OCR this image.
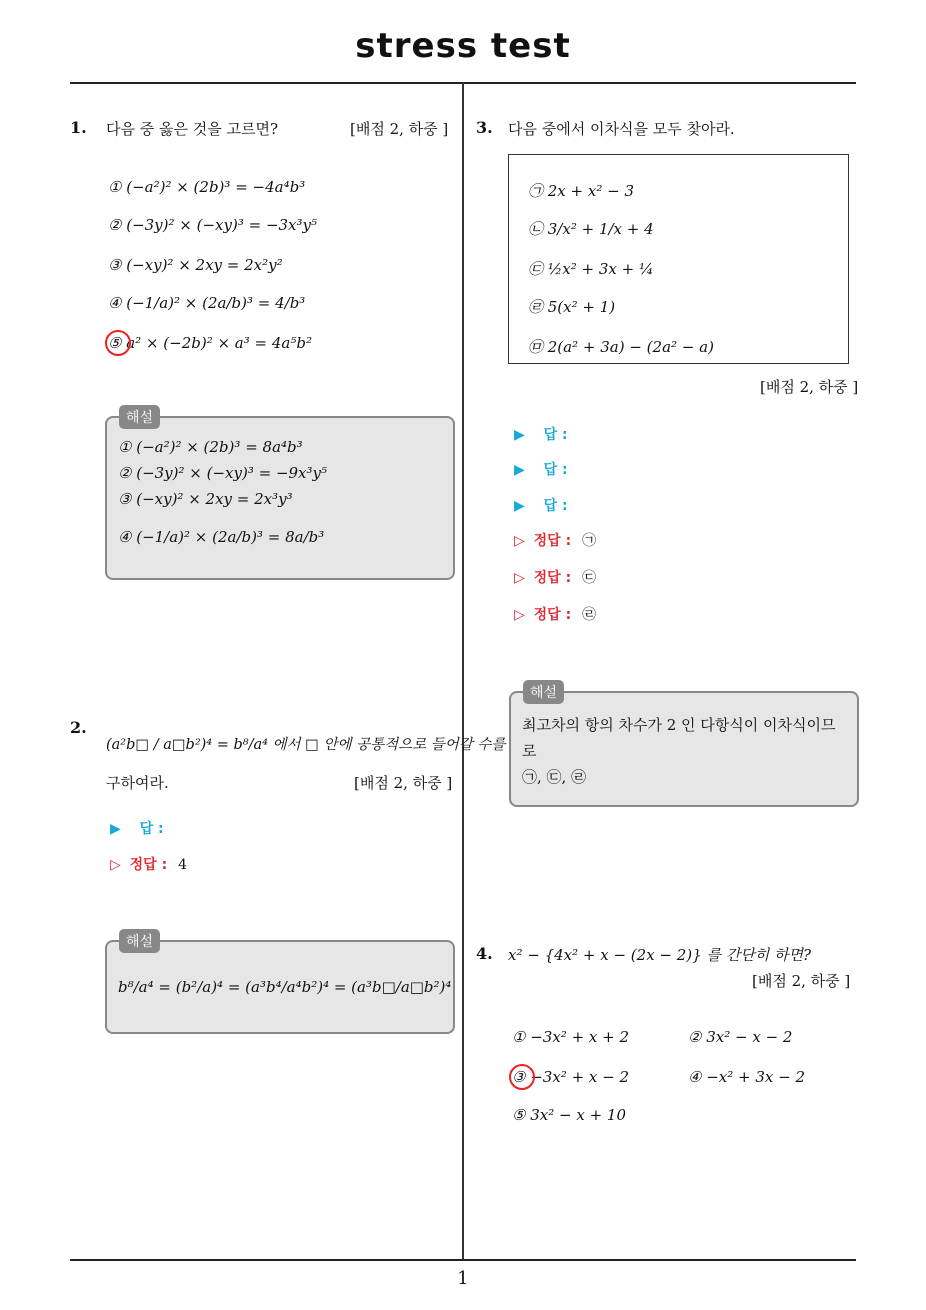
stress test
1
1. 다음 중 옳은 것을 고르면?	[배점 2, 하중 ]
① (−a²)² × (2b)³ = −4a⁴b³
② (−3y)² × (−xy)³ = −3x³y⁵
③ (−xy)² × 2xy = 2x²y²
④ (−1/a)² × (2a/b)³ = 4/b³
⑤ a² × (−2b)² × a³ = 4a⁵b²
해설
① (−a²)² × (2b)³ = 8a⁴b³
② (−3y)² × (−xy)³ = −9x³y⁵
③ (−xy)² × 2xy = 2x³y³
④ (−1/a)² × (2a/b)³ = 8a/b³
2.
(a²b□ / a□b²)⁴ = b⁸/a⁴ 에서 □ 안에 공통적으로 들어갈 수를
구하여라.	[배점 2, 하중 ]
▶ 답 :
▷ 정답 : 4
해설
b⁸/a⁴ = (b²/a)⁴ = (a³b⁴/a⁴b²)⁴ = (a³b□/a□b²)⁴
3. 다음 중에서 이차식을 모두 찾아라.
㉠ 2x + x² − 3
㉡ 3/x² + 1/x + 4
㉢ ½x² + 3x + ¼
㉣ 5(x² + 1)
㉤ 2(a² + 3a) − (2a² − a)
[배점 2, 하중 ]
▶ 답 :
▶ 답 :
▶ 답 :
▷ 정답 : ㉠
▷ 정답 : ㉢
▷ 정답 : ㉣
해설
최고차의 항의 차수가 2 인 다항식이 이차식이므
로
㉠, ㉢, ㉣
4. x² − {4x² + x − (2x − 2)} 를 간단히 하면?
[배점 2, 하중 ]
① −3x² + x + 2	② 3x² − x − 2
③ −3x² + x − 2	④ −x² + 3x − 2
⑤ 3x² − x + 10
